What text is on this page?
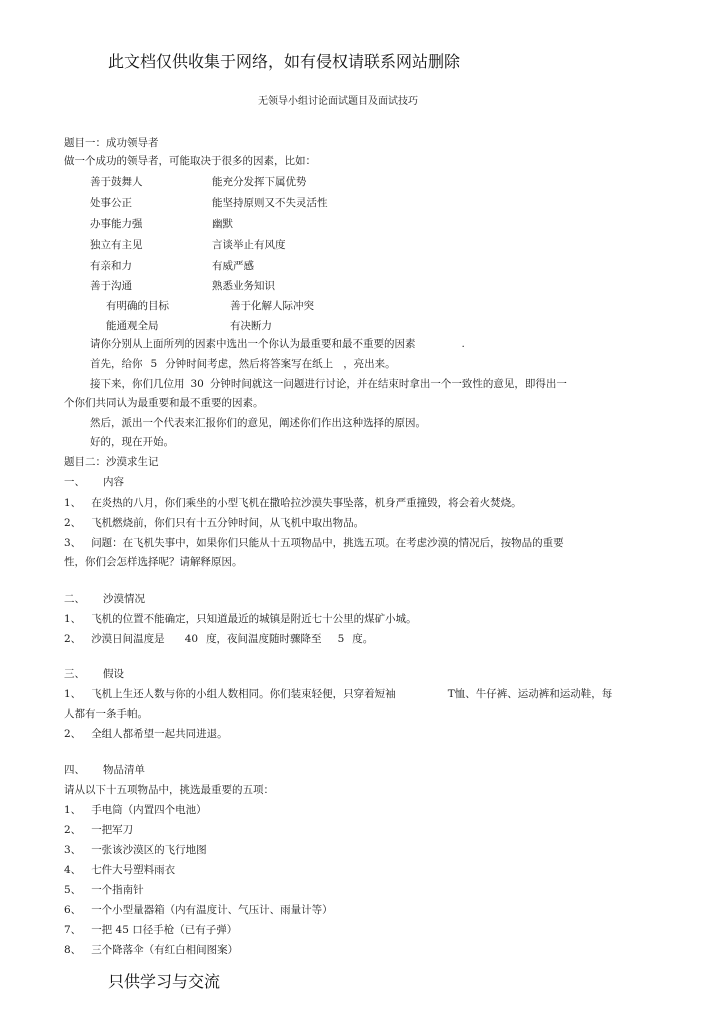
此文档仅供收集于网络，如有侵权请联系网站删除
无领导小组讨论面试题目及面试技巧
题目一：成功领导者
做一个成功的领导者，可能取决于很多的因素，比如：
善于鼓舞人	能充分发挥下属优势
处事公正	能坚持原则又不失灵活性
办事能力强	幽默
独立有主见	言谈举止有风度
有亲和力	有威严感
善于沟通	熟悉业务知识
有明确的目标	善于化解人际冲突
能通观全局	有决断力
请你分别从上面所列的因素中选出一个你认为最重要和最不重要的因素	.
首先，给你 5 分钟时间考虑，然后将答案写在纸上 ，亮出来。
接下来，你们几位用 30 分钟时间就这一问题进行讨论，并在结束时拿出一个一致性的意见，即得出一
个你们共同认为最重要和最不重要的因素。
然后，派出一个代表来汇报你们的意见，阐述你们作出这种选择的原因。
好的，现在开始。
题目二：沙漠求生记
一、 内容
1、 在炎热的八月，你们乘坐的小型飞机在撒哈拉沙漠失事坠落，机身严重撞毁，将会着火焚烧。
2、 飞机燃烧前，你们只有十五分钟时间，从飞机中取出物品。
3、 问题：在飞机失事中，如果你们只能从十五项物品中，挑选五项。在考虑沙漠的情况后，按物品的重要
性，你们会怎样选择呢？请解释原因。
二、 沙漠情况
1、 飞机的位置不能确定，只知道最近的城镇是附近七十公里的煤矿小城。
2、 沙漠日间温度是 40 度，夜间温度随时骤降至 5 度。
三、 假设
1、 飞机上生还人数与你的小组人数相同。你们装束轻便，只穿着短袖	T恤、牛仔裤、运动裤和运动鞋，每
人都有一条手帕。
2、 全组人都希望一起共同进退。
四、 物品清单
请从以下十五项物品中，挑选最重要的五项：
1、 手电筒（内置四个电池）
2、 一把军刀
3、 一张该沙漠区的飞行地图
4、 七件大号塑料雨衣
5、 一个指南针
6、 一个小型量器箱（内有温度计、气压计、雨量计等）
7、 一把 45 口径手枪（已有子弹）
8、 三个降落伞（有红白相间图案）
只供学习与交流
